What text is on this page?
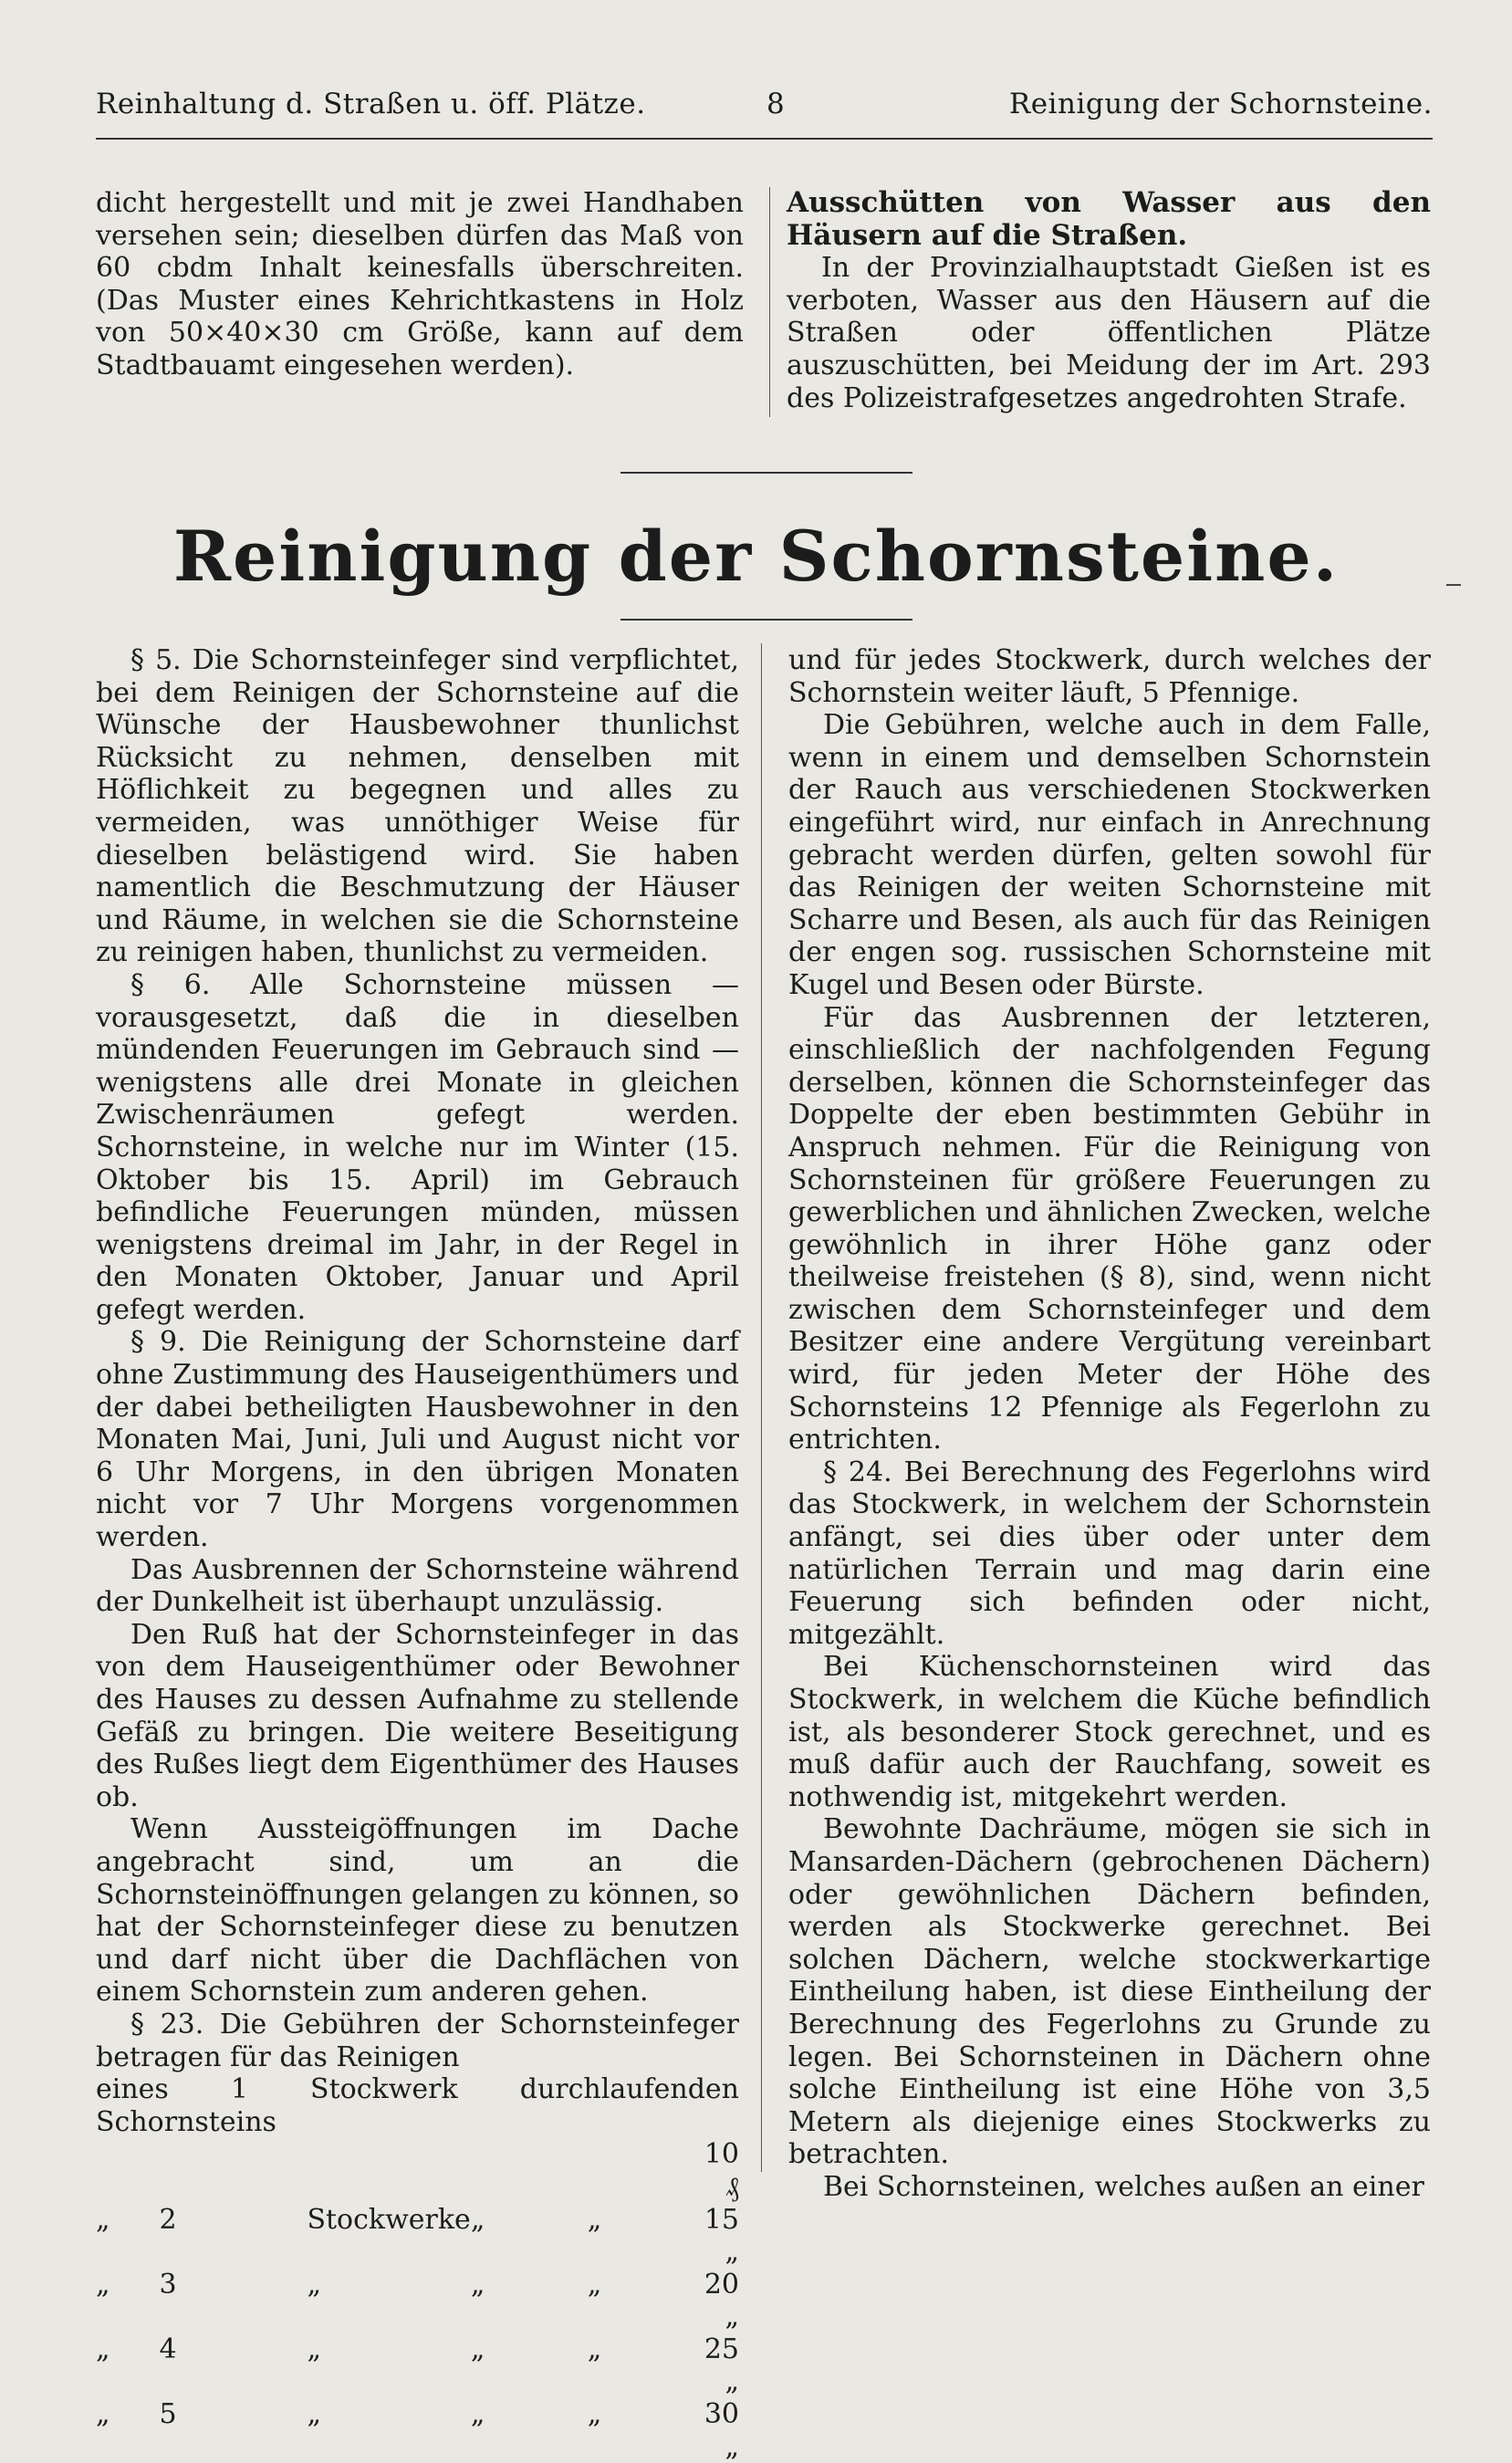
Reinhaltung d. Straßen u. öff. Plätze.	8	Reinigung der Schornsteine.

dicht hergestellt und mit je zwei Handhaben versehen sein; dieselben dürfen das Maß von 60 cbdm Inhalt keinesfalls überschreiten. (Das Muster eines Kehrichtkastens in Holz von 50×40×30 cm Größe, kann auf dem Stadtbauamt eingesehen werden).

Ausschütten von Wasser aus den Häusern auf die Straßen.

In der Provinzialhauptstadt Gießen ist es verboten, Wasser aus den Häusern auf die Straßen oder öffentlichen Plätze auszuschütten, bei Meidung der im Art. 293 des Polizeistrafgesetzes angedrohten Strafe.

Reinigung der Schornsteine.

§ 5. Die Schornsteinfeger sind verpflichtet, bei dem Reinigen der Schornsteine auf die Wünsche der Hausbewohner thunlichst Rücksicht zu nehmen, denselben mit Höflichkeit zu begegnen und alles zu vermeiden, was unnöthiger Weise für dieselben belästigend wird. Sie haben namentlich die Beschmutzung der Häuser und Räume, in welchen sie die Schornsteine zu reinigen haben, thunlichst zu vermeiden.

§ 6. Alle Schornsteine müssen — vorausgesetzt, daß die in dieselben mündenden Feuerungen im Gebrauch sind — wenigstens alle drei Monate in gleichen Zwischenräumen gefegt werden. Schornsteine, in welche nur im Winter (15. Oktober bis 15. April) im Gebrauch befindliche Feuerungen münden, müssen wenigstens dreimal im Jahr, in der Regel in den Monaten Oktober, Januar und April gefegt werden.

§ 9. Die Reinigung der Schornsteine darf ohne Zustimmung des Hauseigenthümers und der dabei betheiligten Hausbewohner in den Monaten Mai, Juni, Juli und August nicht vor 6 Uhr Morgens, in den übrigen Monaten nicht vor 7 Uhr Morgens vorgenommen werden.

Das Ausbrennen der Schornsteine während der Dunkelheit ist überhaupt unzulässig.

Den Ruß hat der Schornsteinfeger in das von dem Hauseigenthümer oder Bewohner des Hauses zu dessen Aufnahme zu stellende Gefäß zu bringen. Die weitere Beseitigung des Rußes liegt dem Eigenthümer des Hauses ob.

Wenn Aussteigöffnungen im Dache angebracht sind, um an die Schornsteinöffnungen gelangen zu können, so hat der Schornsteinfeger diese zu benutzen und darf nicht über die Dachflächen von einem Schornstein zum anderen gehen.

§ 23. Die Gebühren der Schornsteinfeger betragen für das Reinigen

eines 1 Stockwerk durchlaufenden Schornsteins

					10 ₰
„	2	Stockwerke	„	„	15 „
„	3	„	„	„	20 „
„	4	„	„	„	25 „
„	5	„	„	„	30 „

und für jedes Stockwerk, durch welches der Schornstein weiter läuft, 5 Pfennige.

Die Gebühren, welche auch in dem Falle, wenn in einem und demselben Schornstein der Rauch aus verschiedenen Stockwerken eingeführt wird, nur einfach in Anrechnung gebracht werden dürfen, gelten sowohl für das Reinigen der weiten Schornsteine mit Scharre und Besen, als auch für das Reinigen der engen sog. russischen Schornsteine mit Kugel und Besen oder Bürste.

Für das Ausbrennen der letzteren, einschließlich der nachfolgenden Fegung derselben, können die Schornsteinfeger das Doppelte der eben bestimmten Gebühr in Anspruch nehmen. Für die Reinigung von Schornsteinen für größere Feuerungen zu gewerblichen und ähnlichen Zwecken, welche gewöhnlich in ihrer Höhe ganz oder theilweise freistehen (§ 8), sind, wenn nicht zwischen dem Schornsteinfeger und dem Besitzer eine andere Vergütung vereinbart wird, für jeden Meter der Höhe des Schornsteins 12 Pfennige als Fegerlohn zu entrichten.

§ 24. Bei Berechnung des Fegerlohns wird das Stockwerk, in welchem der Schornstein anfängt, sei dies über oder unter dem natürlichen Terrain und mag darin eine Feuerung sich befinden oder nicht, mitgezählt.

Bei Küchenschornsteinen wird das Stockwerk, in welchem die Küche befindlich ist, als besonderer Stock gerechnet, und es muß dafür auch der Rauchfang, soweit es nothwendig ist, mitgekehrt werden.

Bewohnte Dachräume, mögen sie sich in Mansarden-Dächern (gebrochenen Dächern) oder gewöhnlichen Dächern befinden, werden als Stockwerke gerechnet. Bei solchen Dächern, welche stockwerkartige Eintheilung haben, ist diese Eintheilung der Berechnung des Fegerlohns zu Grunde zu legen. Bei Schornsteinen in Dächern ohne solche Eintheilung ist eine Höhe von 3,5 Metern als diejenige eines Stockwerks zu betrachten.

Bei Schornsteinen, welches außen an einer
